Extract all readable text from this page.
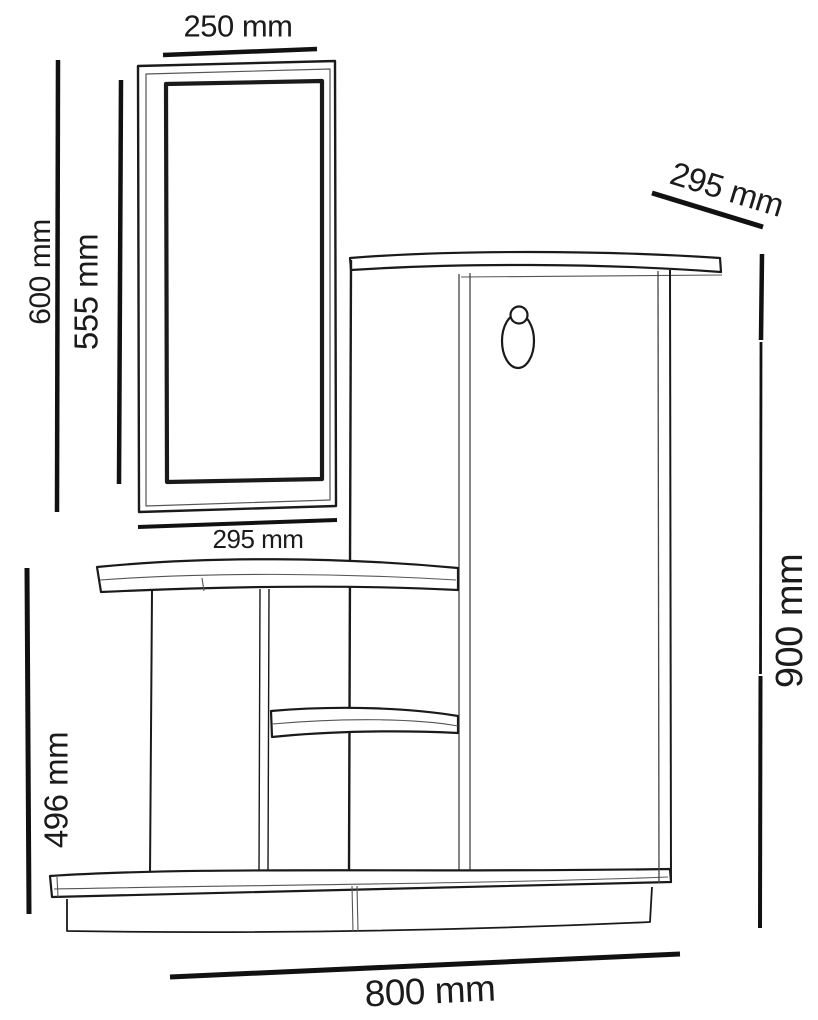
250 mm
600 mm 555 mm
295 mm
295 mm
900 mm
496 mm
800 mm
